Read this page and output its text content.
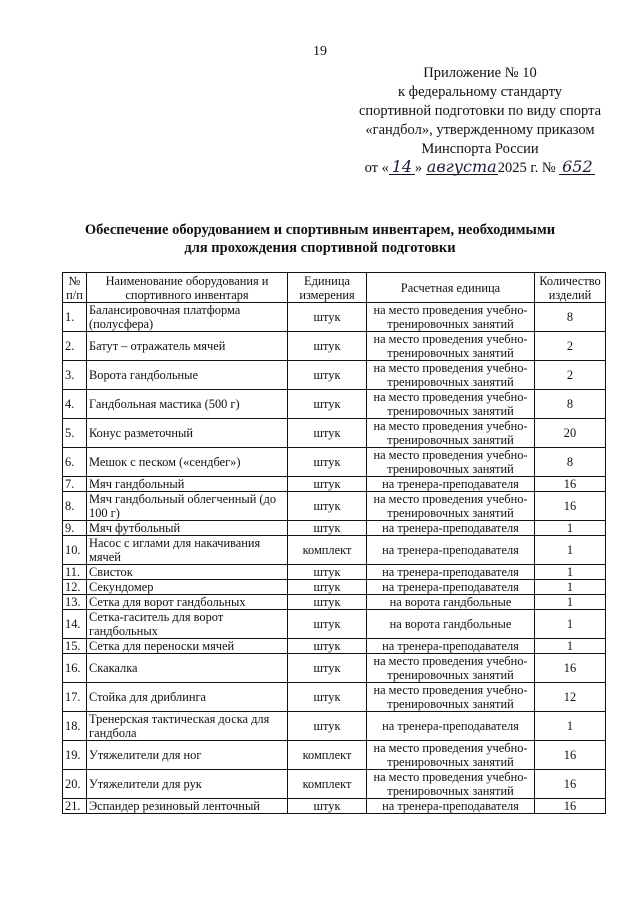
19
Приложение № 10
к федеральному стандарту
спортивной подготовки по виду спорта
«гандбол», утвержденному приказом
Минспорта России
от « 14 » августа2025 г. № 652
Обеспечение оборудованием и спортивным инвентарем, необходимыми
для прохождения спортивной подготовки
№ п/п	Наименование оборудования и спортивного инвентаря	Единица измерения	Расчетная единица	Количество изделий
1.	Балансировочная платформа (полусфера)	штук	на место проведения учебно-тренировочных занятий	8
2.	Батут – отражатель мячей	штук	на место проведения учебно-тренировочных занятий	2
3.	Ворота гандбольные	штук	на место проведения учебно-тренировочных занятий	2
4.	Гандбольная мастика (500 г)	штук	на место проведения учебно-тренировочных занятий	8
5.	Конус разметочный	штук	на место проведения учебно-тренировочных занятий	20
6.	Мешок с песком («сендбег»)	штук	на место проведения учебно-тренировочных занятий	8
7.	Мяч гандбольный	штук	на тренера-преподавателя	16
8.	Мяч гандбольный облегченный (до 100 г)	штук	на место проведения учебно-тренировочных занятий	16
9.	Мяч футбольный	штук	на тренера-преподавателя	1
10.	Насос с иглами для накачивания мячей	комплект	на тренера-преподавателя	1
11.	Свисток	штук	на тренера-преподавателя	1
12.	Секундомер	штук	на тренера-преподавателя	1
13.	Сетка для ворот гандбольных	штук	на ворота гандбольные	1
14.	Сетка-гаситель для ворот гандбольных	штук	на ворота гандбольные	1
15.	Сетка для переноски мячей	штук	на тренера-преподавателя	1
16.	Скакалка	штук	на место проведения учебно-тренировочных занятий	16
17.	Стойка для дриблинга	штук	на место проведения учебно-тренировочных занятий	12
18.	Тренерская тактическая доска для гандбола	штук	на тренера-преподавателя	1
19.	Утяжелители для ног	комплект	на место проведения учебно-тренировочных занятий	16
20.	Утяжелители для рук	комплект	на место проведения учебно-тренировочных занятий	16
21.	Эспандер резиновый ленточный	штук	на тренера-преподавателя	16
